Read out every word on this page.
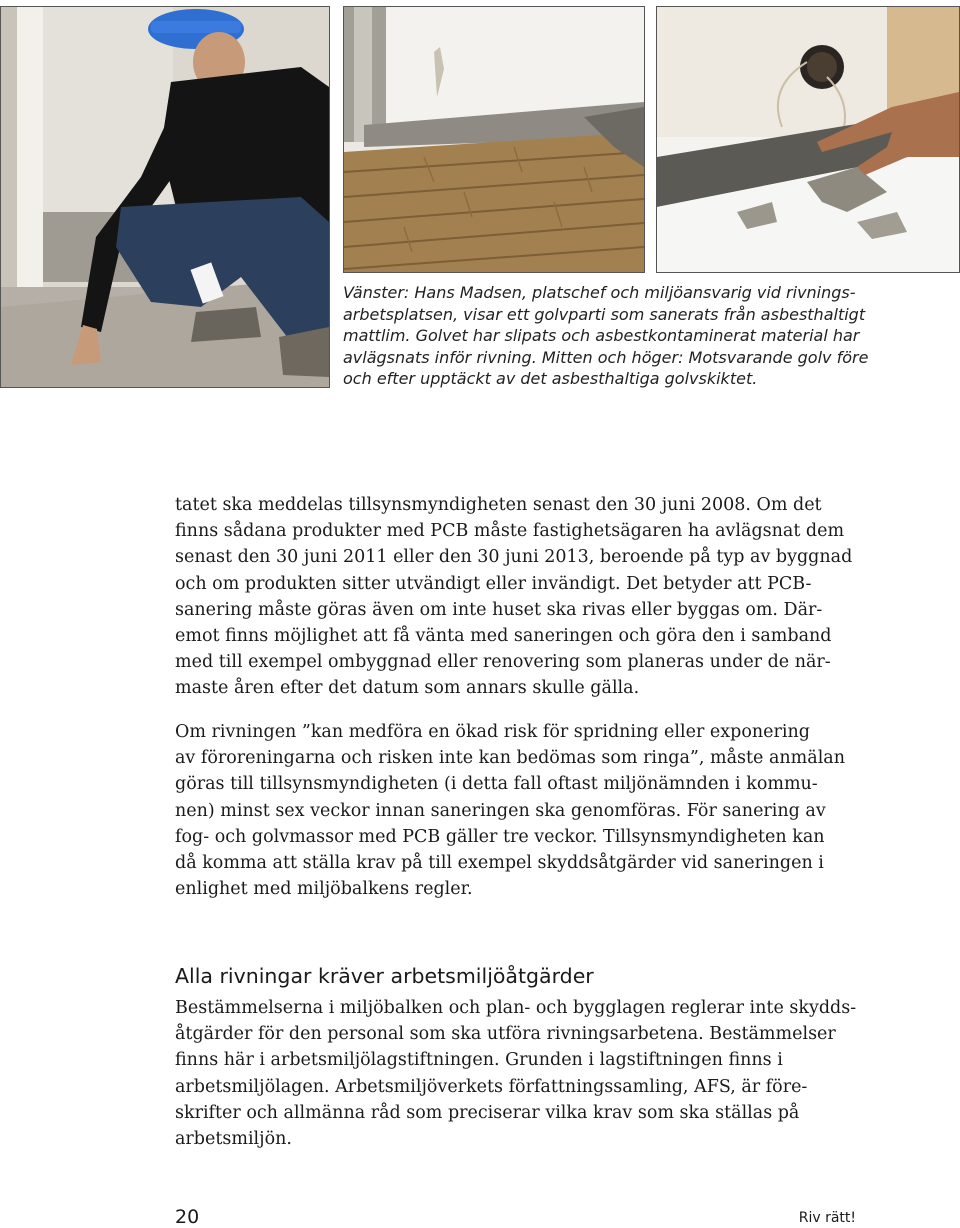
Vänster: Hans Madsen, platschef och miljöansvarig vid rivnings-
arbetsplatsen, visar ett golvparti som sanerats från asbesthaltigt
mattlim. Golvet har slipats och asbestkontaminerat material har
avlägsnats inför rivning. Mitten och höger: Motsvarande golv före
och efter upptäckt av det asbesthaltiga golvskiktet.
tatet ska meddelas tillsynsmyndigheten senast den 30 juni 2008. Om det
finns sådana produkter med PCB måste fastighetsägaren ha avlägsnat dem
senast den 30 juni 2011 eller den 30 juni 2013, beroende på typ av byggnad
och om produkten sitter utvändigt eller invändigt. Det betyder att PCB-
sanering måste göras även om inte huset ska rivas eller byggas om. Där-
emot finns möjlighet att få vänta med saneringen och göra den i samband
med till exempel ombyggnad eller renovering som planeras under de när-
maste åren efter det datum som annars skulle gälla.
Om rivningen ”kan medföra en ökad risk för spridning eller exponering
av föroreningarna och risken inte kan bedömas som ringa”, måste anmälan
göras till tillsynsmyndigheten (i detta fall oftast miljönämnden i kommu-
nen) minst sex veckor innan saneringen ska genomföras. För sanering av
fog- och golvmassor med PCB gäller tre veckor. Tillsynsmyndigheten kan
då komma att ställa krav på till exempel skyddsåtgärder vid saneringen i
enlighet med miljöbalkens regler.
Alla rivningar kräver arbetsmiljöåtgärder
Bestämmelserna i miljöbalken och plan- och bygglagen reglerar inte skydds-
åtgärder för den personal som ska utföra rivningsarbetena. Bestämmelser
finns här i arbetsmiljölagstiftningen. Grunden i lagstiftningen finns i
arbetsmiljölagen. Arbetsmiljöverkets författningssamling, AFS, är före-
skrifter och allmänna råd som preciserar vilka krav som ska ställas på
arbetsmiljön.
20	Riv rätt!
